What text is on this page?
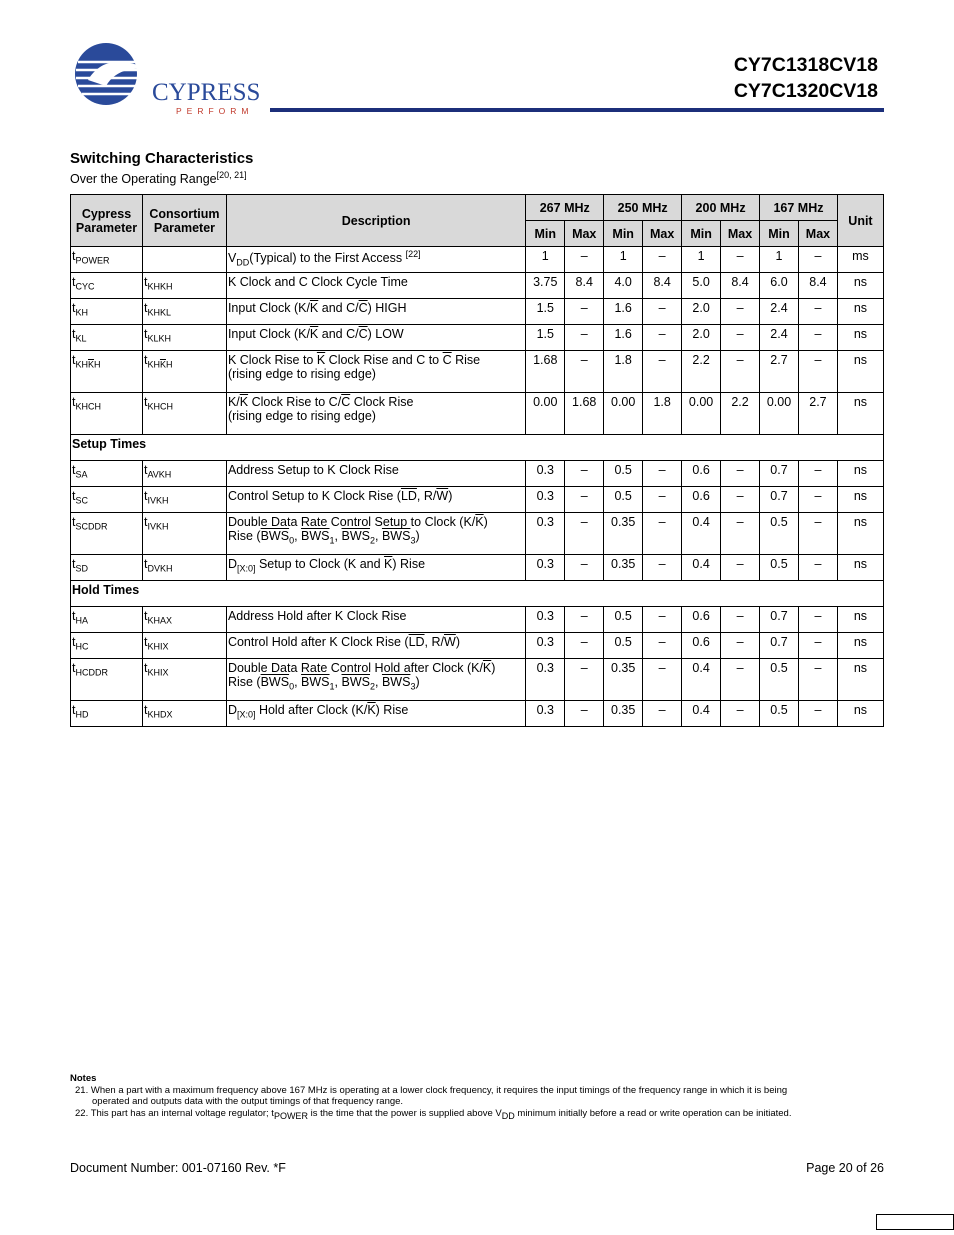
CYPRESS
PERFORM
CY7C1318CV18
CY7C1320CV18
Switching Characteristics
Over the Operating Range[20, 21]
Cypress Parameter	Consortium Parameter	Description	267 MHz		250 MHz		200 MHz		167 MHz		Unit
			Min	Max	Min	Max	Min	Max	Min	Max	
$t_{POWER}$		$V_{DD}(Typical)$ to the First Access [22]	1	–	1	–	1	–	1	–	ms
$t_{CYC}$	$t_{KHKH}$	K Clock and C Clock Cycle Time	3.75	8.4	4.0	8.4	5.0	8.4	6.0	8.4	ns
$t_{KH}$	$t_{KHKL}$	Input Clock ($K/\overline{K}$ and $C/\overline{C}$) HIGH	1.5	–	1.6	–	2.0	–	2.4	–	ns
$t_{KL}$	$t_{KLKH}$	Input Clock ($K/\overline{K}$ and $C/\overline{C}$) LOW	1.5	–	1.6	–	2.0	–	2.4	–	ns
$t_{KH\overline{K}H}$	$t_{KH\overline{K}H}$	K Clock Rise to $\overline{K}$ Clock Rise and C to $\overline{C}$ Rise
(rising edge to rising edge)	1.68	–	1.8	–	2.2	–	2.7	–	ns
$t_{KHCH}$	$t_{KHCH}$	$K/\overline{K}$ Clock Rise to $C/\overline{C}$ Clock Rise
(rising edge to rising edge)	0.00	1.68	0.00	1.8	0.00	2.2	0.00	2.7	ns
Setup Times											
$t_{SA}$	$t_{AVKH}$	Address Setup to K Clock Rise	0.3	–	0.5	–	0.6	–	0.7	–	ns
$t_{SC}$	$t_{IVKH}$	Control Setup to K Clock Rise ($\overline{LD}$, $R/\overline{W}$)	0.3	–	0.5	–	0.6	–	0.7	–	ns
$t_{SCDDR}$	$t_{IVKH}$	Double Data Rate Control Setup to Clock $(K/\overline{K})$
Rise ($\overline{BWS}_0$, $\overline{BWS}_1$, $\overline{BWS}_2$, $\overline{BWS}_3$)	0.3	–	0.35	–	0.4	–	0.5	–	ns
$t_{SD}$	$t_{DVKH}$	$D_{[X:0]}$ Setup to Clock (K and $\overline{K}$) Rise	0.3	–	0.35	–	0.4	–	0.5	–	ns
Hold Times											
$t_{HA}$	$t_{KHAX}$	Address Hold after K Clock Rise	0.3	–	0.5	–	0.6	–	0.7	–	ns
$t_{HC}$	$t_{KHIX}$	Control Hold after K Clock Rise ($\overline{LD}$, $R/\overline{W}$)	0.3	–	0.5	–	0.6	–	0.7	–	ns
$t_{HCDDR}$	$t_{KHIX}$	Double Data Rate Control Hold after Clock $(K/\overline{K})$
Rise ($\overline{BWS}_0$, $\overline{BWS}_1$, $\overline{BWS}_2$, $\overline{BWS}_3$)	0.3	–	0.35	–	0.4	–	0.5	–	ns
$t_{HD}$	$t_{KHDX}$	$D_{[X:0]}$ Hold after Clock $(K/\overline{K})$ Rise	0.3	–	0.35	–	0.4	–	0.5	–	ns
Notes
21. When a part with a maximum frequency above 167 MHz is operating at a lower clock frequency, it requires the input timings of the frequency range in which it is being
operated and outputs data with the output timings of that frequency range.
22. This part has an internal voltage regulator; $t_{POWER}$ is the time that the power is supplied above $V_{DD}$ minimum initially before a read or write operation can be initiated.
Document Number: 001-07160 Rev. *F	Page 20 of 26
